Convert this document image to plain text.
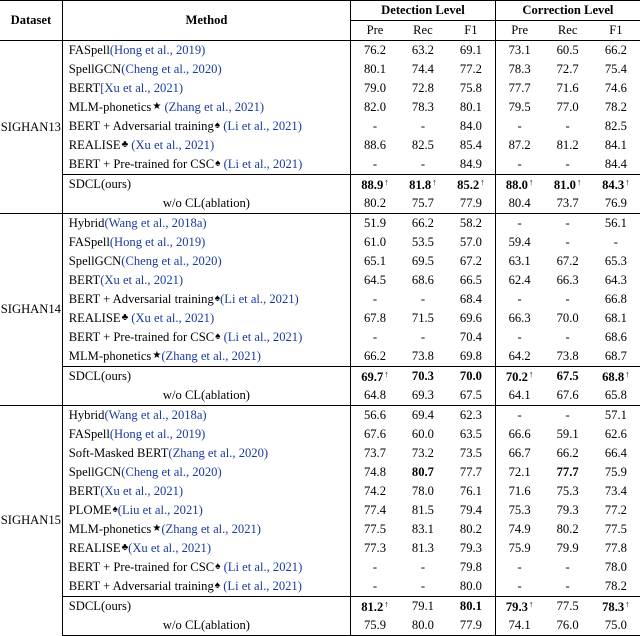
Dataset	Method	Detection Level			Correction Level		
		Pre	Rec	F1	Pre	Rec	F1
SIGHAN13	FASpell(Hong et al., 2019)	76.2	63.2	69.1	73.1	60.5	66.2
	SpellGCN(Cheng et al., 2020)	80.1	74.4	77.2	78.3	72.7	75.4
	BERT[Xu et al., 2021)	79.0	72.8	75.8	77.7	71.6	74.6
	MLM-phonetics★ (Zhang et al., 2021)	82.0	78.3	80.1	79.5	77.0	78.2
	BERT + Adversarial training♠ (Li et al., 2021)	-	-	84.0	-	-	82.5
	REALISE♣ (Xu et al., 2021)	88.6	82.5	85.4	87.2	81.2	84.1
	BERT + Pre-trained for CSC♠ (Li et al., 2021)	-	-	84.9	-	-	84.4
	SDCL(ours)	88.9↑	81.8↑	85.2↑	88.0↑	81.0↑	84.3↑
	w/o CL(ablation)	80.2	75.7	77.9	80.4	73.7	76.9
SIGHAN14	Hybrid(Wang et al., 2018a)	51.9	66.2	58.2	-	-	56.1
	FASpell(Hong et al., 2019)	61.0	53.5	57.0	59.4	-	-
	SpellGCN(Cheng et al., 2020)	65.1	69.5	67.2	63.1	67.2	65.3
	BERT(Xu et al., 2021)	64.5	68.6	66.5	62.4	66.3	64.3
	BERT + Adversarial training♠(Li et al., 2021)	-	-	68.4	-	-	66.8
	REALISE♣ (Xu et al., 2021)	67.8	71.5	69.6	66.3	70.0	68.1
	BERT + Pre-trained for CSC♠ (Li et al., 2021)	-	-	70.4	-	-	68.6
	MLM-phonetics★(Zhang et al., 2021)	66.2	73.8	69.8	64.2	73.8	68.7
	SDCL(ours)	69.7↑	70.3	70.0	70.2↑	67.5	68.8↑
	w/o CL(ablation)	64.8	69.3	67.5	64.1	67.6	65.8
SIGHAN15	Hybrid(Wang et al., 2018a)	56.6	69.4	62.3	-	-	57.1
	FASpell(Hong et al., 2019)	67.6	60.0	63.5	66.6	59.1	62.6
	Soft-Masked BERT(Zhang et al., 2020)	73.7	73.2	73.5	66.7	66.2	66.4
	SpellGCN(Cheng et al., 2020)	74.8	80.7	77.7	72.1	77.7	75.9
	BERT(Xu et al., 2021)	74.2	78.0	76.1	71.6	75.3	73.4
	PLOME♠(Liu et al., 2021)	77.4	81.5	79.4	75.3	79.3	77.2
	MLM-phonetics★(Zhang et al., 2021)	77.5	83.1	80.2	74.9	80.2	77.5
	REALISE♣(Xu et al., 2021)	77.3	81.3	79.3	75.9	79.9	77.8
	BERT + Pre-trained for CSC♠ (Li et al., 2021)	-	-	79.8	-	-	78.0
	BERT + Adversarial training♠ (Li et al., 2021)	-	-	80.0	-	-	78.2
	SDCL(ours)	81.2↑	79.1	80.1	79.3↑	77.5	78.3↑
	w/o CL(ablation)	75.9	80.0	77.9	74.1	76.0	75.0
